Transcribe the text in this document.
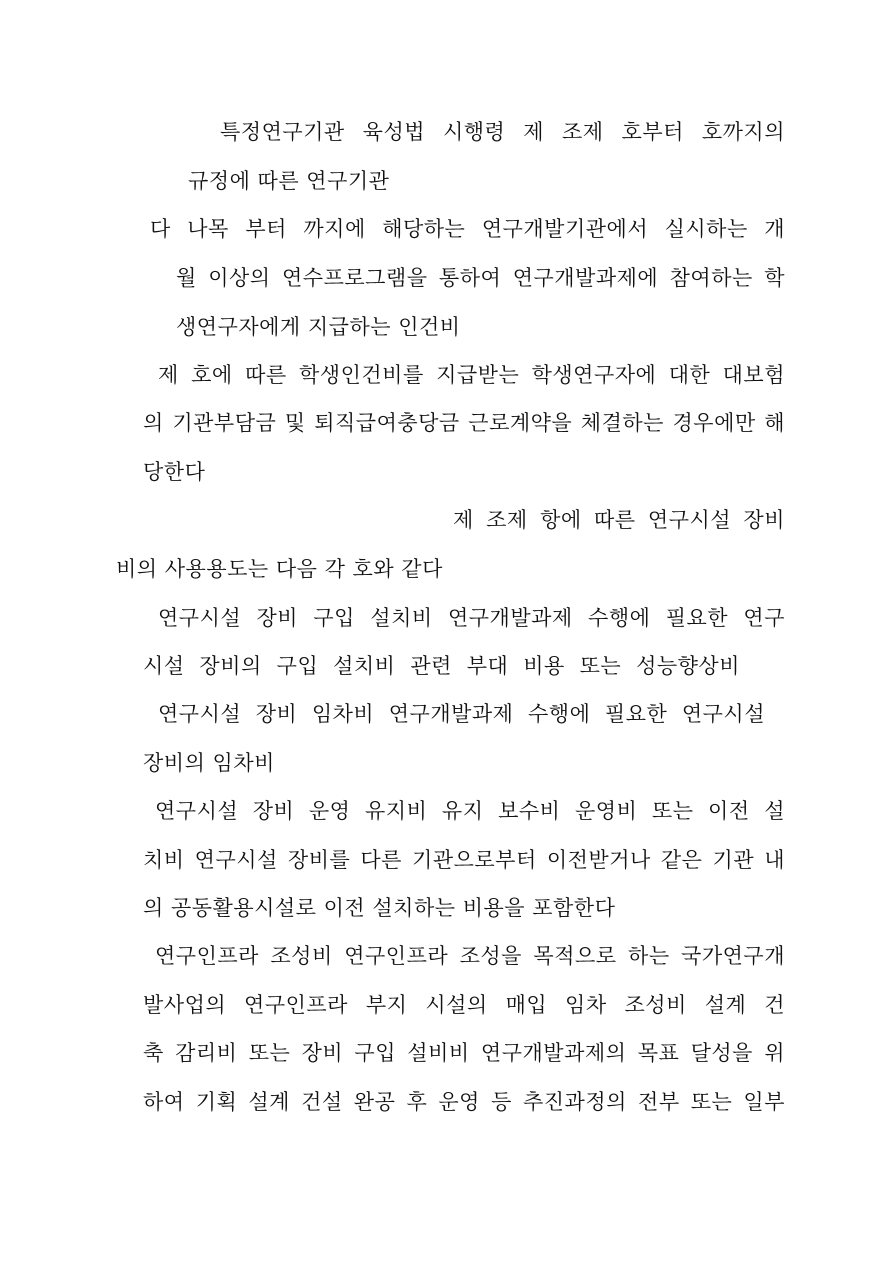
특정연구기관 육성법 시행령 제 조제 호부터 호까지의
규정에 따른 연구기관
다 나목 부터 까지에 해당하는 연구개발기관에서 실시하는 개
월 이상의 연수프로그램을 통하여 연구개발과제에 참여하는 학
생연구자에게 지급하는 인건비
제 호에 따른 학생인건비를 지급받는 학생연구자에 대한 대보험
의 기관부담금 및 퇴직급여충당금 근로계약을 체결하는 경우에만 해
당한다
제 조제 항에 따른 연구시설 장비
비의 사용용도는 다음 각 호와 같다
연구시설 장비 구입 설치비 연구개발과제 수행에 필요한 연구
시설 장비의 구입 설치비 관련 부대 비용 또는 성능향상비
연구시설 장비 임차비 연구개발과제 수행에 필요한 연구시설
장비의 임차비
연구시설 장비 운영 유지비 유지 보수비 운영비 또는 이전 설
치비 연구시설 장비를 다른 기관으로부터 이전받거나 같은 기관 내
의 공동활용시설로 이전 설치하는 비용을 포함한다
연구인프라 조성비 연구인프라 조성을 목적으로 하는 국가연구개
발사업의 연구인프라 부지 시설의 매입 임차 조성비 설계 건
축 감리비 또는 장비 구입 설비비 연구개발과제의 목표 달성을 위
하여 기획 설계 건설 완공 후 운영 등 추진과정의 전부 또는 일부
